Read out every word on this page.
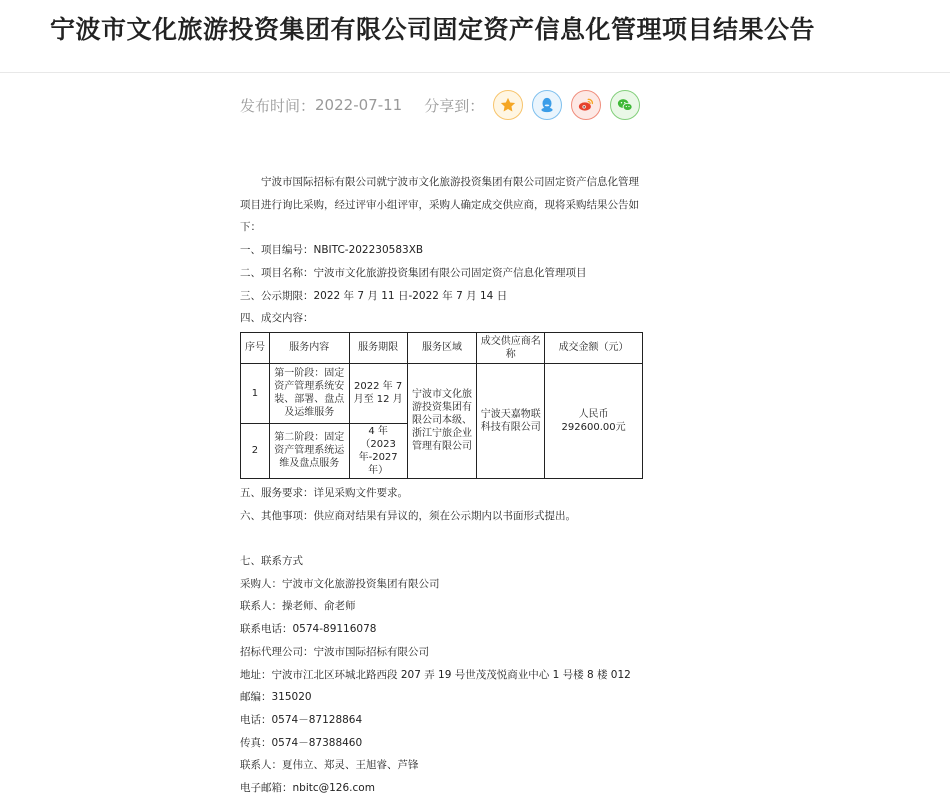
宁波市文化旅游投资集团有限公司固定资产信息化管理项目结果公告
发布时间： 2022-07-11 分享到：

宁波市国际招标有限公司就宁波市文化旅游投资集团有限公司固定资产信息化管理项目进行询比采购，经过评审小组评审，采购人确定成交供应商，现将采购结果公告如下：

一、项目编号：NBITC-202230583XB

二、项目名称：宁波市文化旅游投资集团有限公司固定资产信息化管理项目

三、公示期限：2022 年 7 月 11 日-2022 年 7 月 14 日

四、成交内容：

序号	服务内容	服务期限	服务区域	成交供应商名称	成交金额（元）
1	第一阶段：固定资产管理系统安装、部署、盘点及运维服务	2022 年 7 月至 12 月	宁波市文化旅游投资集团有限公司本级、浙江宁旅企业管理有限公司	宁波天嘉物联科技有限公司	人民币
292600.00元
2	第二阶段：固定资产管理系统运维及盘点服务	4 年（2023 年-2027 年）			

五、服务要求：详见采购文件要求。

六、其他事项：供应商对结果有异议的，须在公示期内以书面形式提出。

七、联系方式

采购人：宁波市文化旅游投资集团有限公司

联系人：操老师、俞老师

联系电话：0574-89116078

招标代理公司：宁波市国际招标有限公司

地址：宁波市江北区环城北路西段 207 弄 19 号世茂茂悦商业中心 1 号楼 8 楼 012

邮编：315020

电话：0574－87128864

传真：0574－87388460

联系人：夏伟立、郑灵、王旭睿、芦锋

电子邮箱：nbitc@126.com
